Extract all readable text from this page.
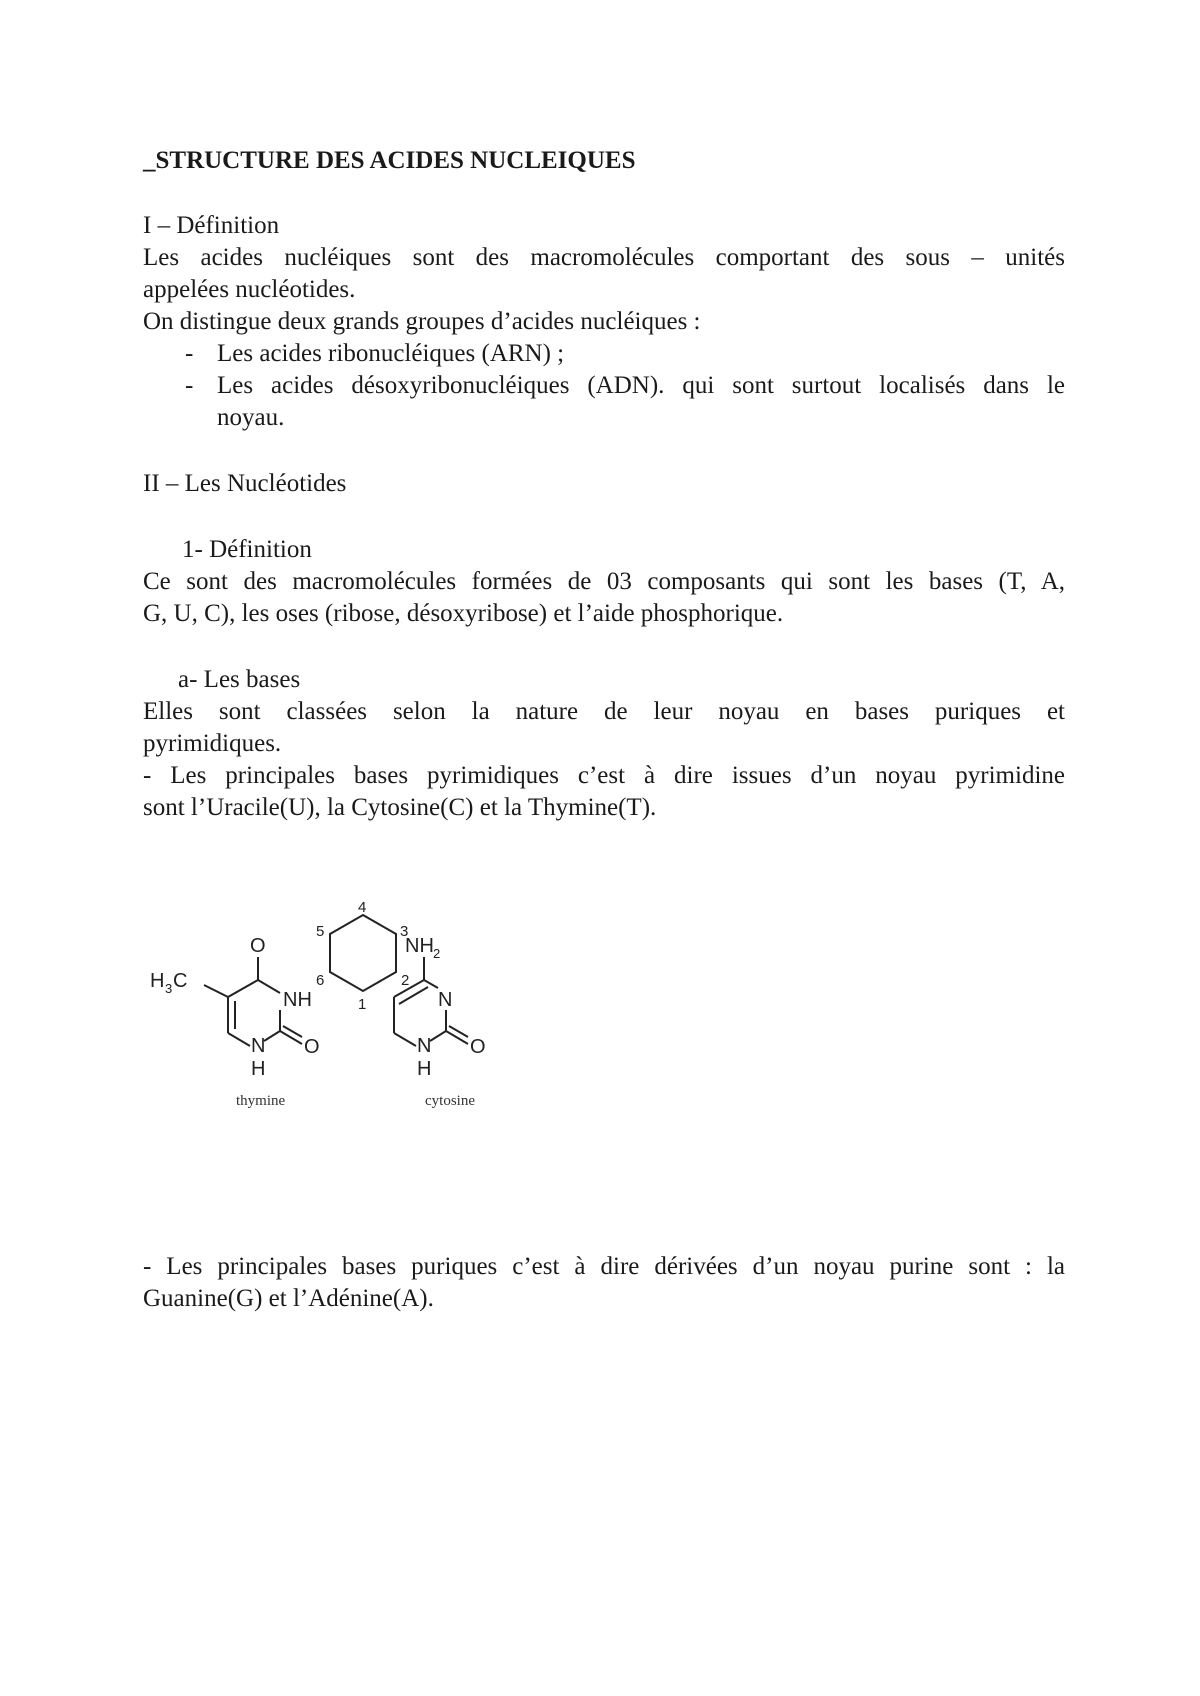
_STRUCTURE DES ACIDES NUCLEIQUES
I – Définition
Les acides nucléiques sont des macromolécules comportant des sous – unités
appelées nucléotides.
On distingue deux grands groupes d’acides nucléiques :
- Les acides ribonucléiques (ARN) ;
- Les acides désoxyribonucléiques (ADN). qui sont surtout localisés dans le
noyau.
II – Les Nucléotides
1- Définition
Ce sont des macromolécules formées de 03 composants qui sont les bases (T, A,
G, U, C), les oses (ribose, désoxyribose) et l’aide phosphorique.
a- Les bases
Elles sont classées selon la nature de leur noyau en bases puriques et
pyrimidiques.
- Les principales bases pyrimidiques c’est à dire issues d’un noyau pyrimidine
sont l’Uracile(U), la Cytosine(C) et la Thymine(T).
4
5	3
6	2
1
O
H 3 C
NH
N
H
O
NH 2
N
N
H
O
thymine	cytosine
- Les principales bases puriques c’est à dire dérivées d’un noyau purine sont : la
Guanine(G) et l’Adénine(A).
